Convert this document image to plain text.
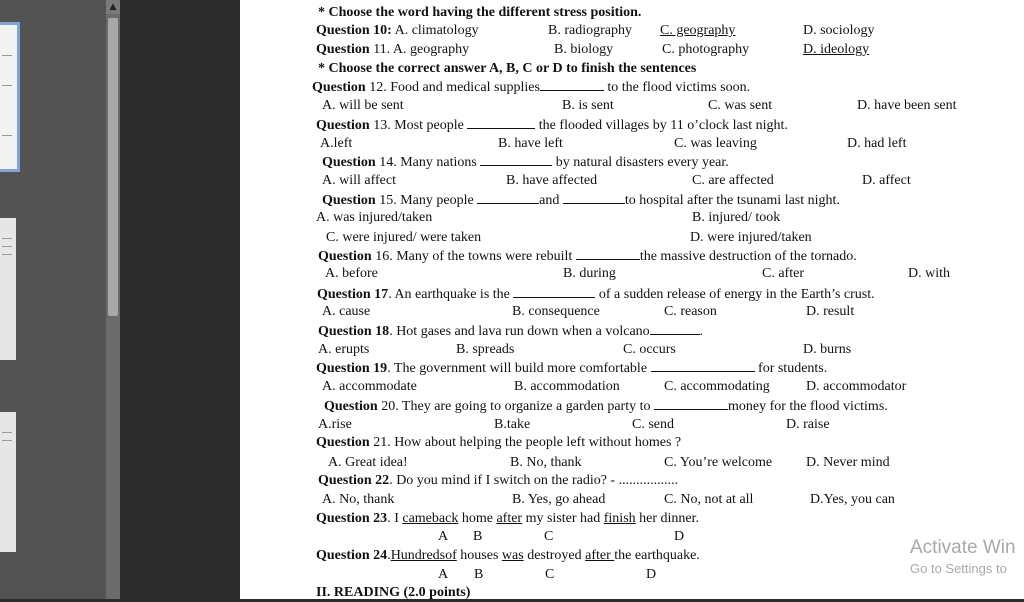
▲	* Choose the word having the different stress position.
Question 10: A. climatology	B. radiography C. geography	D. sociology
Question 11. A. geography	B. biology	C. photography	D. ideology
* Choose the correct answer A, B, C or D to finish the sentences
Question 12. Food and medical supplies	to the flood victims soon.
A. will be sent	B. is sent	C. was sent	D. have been sent
Question 13. Most people	the flooded villages by 11 o’clock last night.
A.left	B. have left	C. was leaving	D. had left
Question 14. Many nations	by natural disasters every year.
A. will affect	B. have affected	C. are affected	D. affect
Question 15. Many people	and	to hospital after the tsunami last night.
A. was injured/taken	B. injured/ took
C. were injured/ were taken	D. were injured/taken
Question 16. Many of the towns were rebuilt	the massive destruction of the tornado.
A. before	B. during	C. after	D. with
Question 17. An earthquake is the	of a sudden release of energy in the Earth’s crust.
A. cause	B. consequence	C. reason	D. result
Question 18. Hot gases and lava run down when a volcano	.
A. erupts	B. spreads	C. occurs	D. burns
Question 19. The government will build more comfortable	for students.
A. accommodate	B. accommodation	C. accommodating	D. accommodator
Question 20. They are going to organize a garden party to	money for the flood victims.
A.rise	B.take	C. send	D. raise
Question 21. How about helping the people left without homes ?
A. Great idea!	B. No, thank	C. You’re welcome D. Never mind
Question 22. Do you mind if I switch on the radio? - .................
A. No, thank	B. Yes, go ahead	C. No, not at all	D.Yes, you can
Question 23. I cameback home after my sister had finish her dinner.
A B	C	D
Question 24.Hundredsof houses was destroyed after the earthquake.
A B	C	D
II. READING (2.0 points)
Activate Win
Go to Settings to
